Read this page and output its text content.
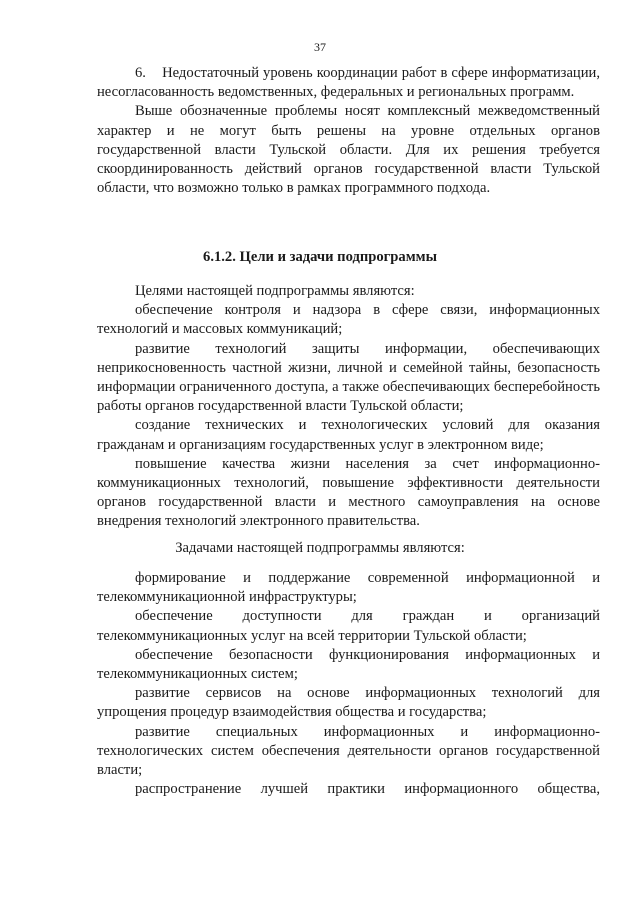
37

6.    Недостаточный уровень координации работ в сфере информатизации, несогласованность ведомственных, федеральных и региональных программ.

Выше обозначенные проблемы носят комплексный межведомственный характер и не могут быть решены на уровне отдельных органов государственной власти Тульской области. Для их решения требуется скоординированность действий органов государственной власти Тульской области, что возможно только в рамках программного подхода.

6.1.2. Цели и задачи подпрограммы

Целями настоящей подпрограммы являются:

обеспечение контроля и надзора в сфере связи, информационных технологий и массовых коммуникаций;

развитие технологий защиты информации, обеспечивающих неприкосновенность частной жизни, личной и семейной тайны, безопасность информации ограниченного доступа, а также обеспечивающих бесперебойность работы органов государственной власти Тульской области;

создание технических и технологических условий для оказания гражданам и организациям государственных услуг в электронном виде;

повышение качества жизни населения за счет информационно-коммуникационных технологий, повышение эффективности деятельности органов государственной власти и местного самоуправления на основе внедрения технологий электронного правительства.

Задачами настоящей подпрограммы являются:

формирование и поддержание современной информационной и телекоммуникационной инфраструктуры;

обеспечение доступности для граждан и организаций телекоммуникационных услуг на всей территории Тульской области;

обеспечение безопасности функционирования информационных и телекоммуникационных систем;

развитие сервисов на основе информационных технологий для упрощения процедур взаимодействия общества и государства;

развитие специальных информационных и информационно-технологических систем обеспечения деятельности органов государственной власти;

распространение лучшей практики информационного общества,
